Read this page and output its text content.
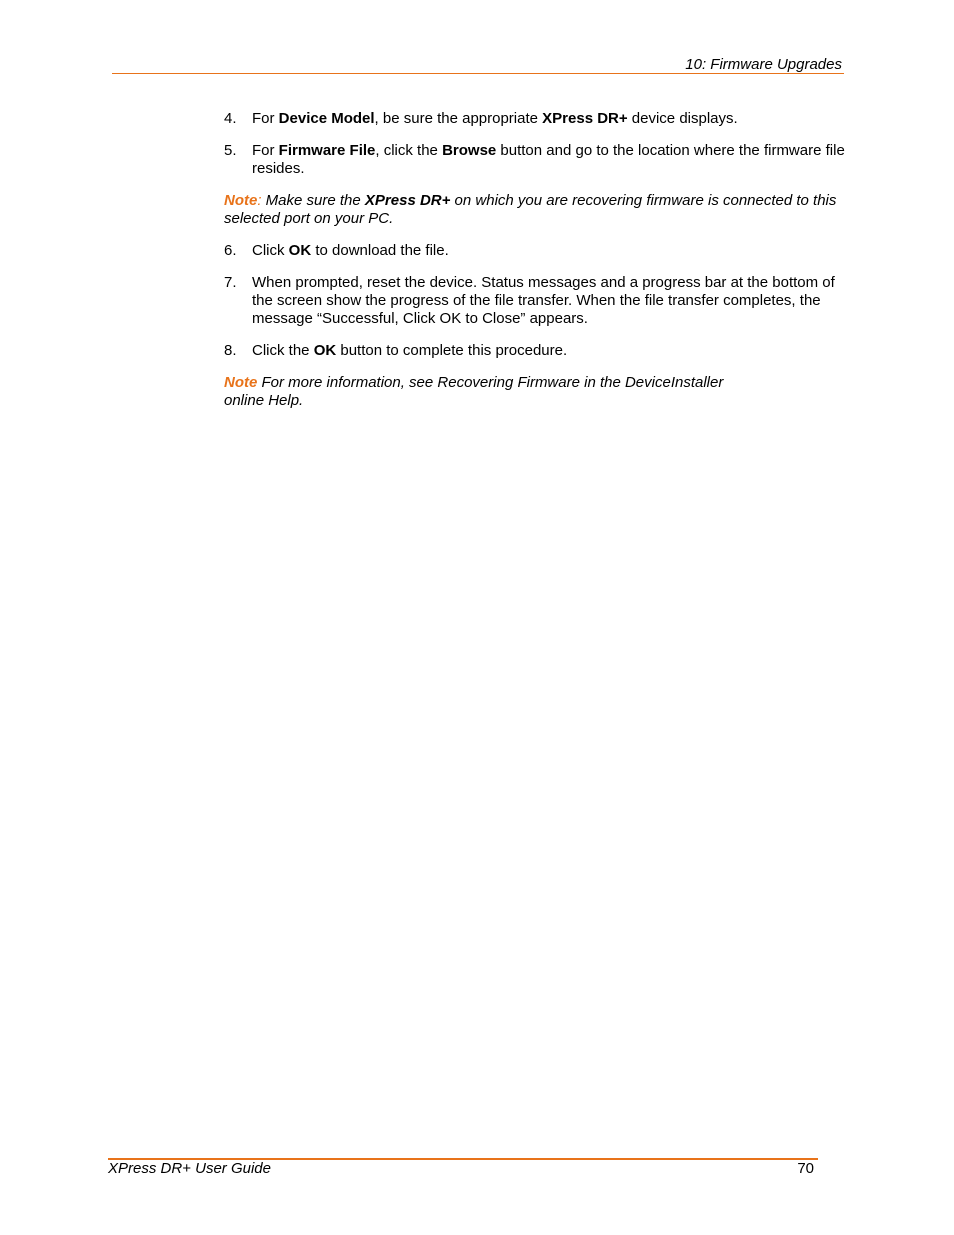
10: Firmware Upgrades
4. For Device Model, be sure the appropriate XPress DR+ device displays.
5. For Firmware File, click the Browse button and go to the location where the firmware file resides.
Note: Make sure the XPress DR+ on which you are recovering firmware is connected to this selected port on your PC.
6. Click OK to download the file.
7. When prompted, reset the device. Status messages and a progress bar at the bottom of the screen show the progress of the file transfer. When the file transfer completes, the message “Successful, Click OK to Close” appears.
8. Click the OK button to complete this procedure.
Note For more information, see Recovering Firmware in the DeviceInstaller
online Help.
XPress DR+ User Guide	70
